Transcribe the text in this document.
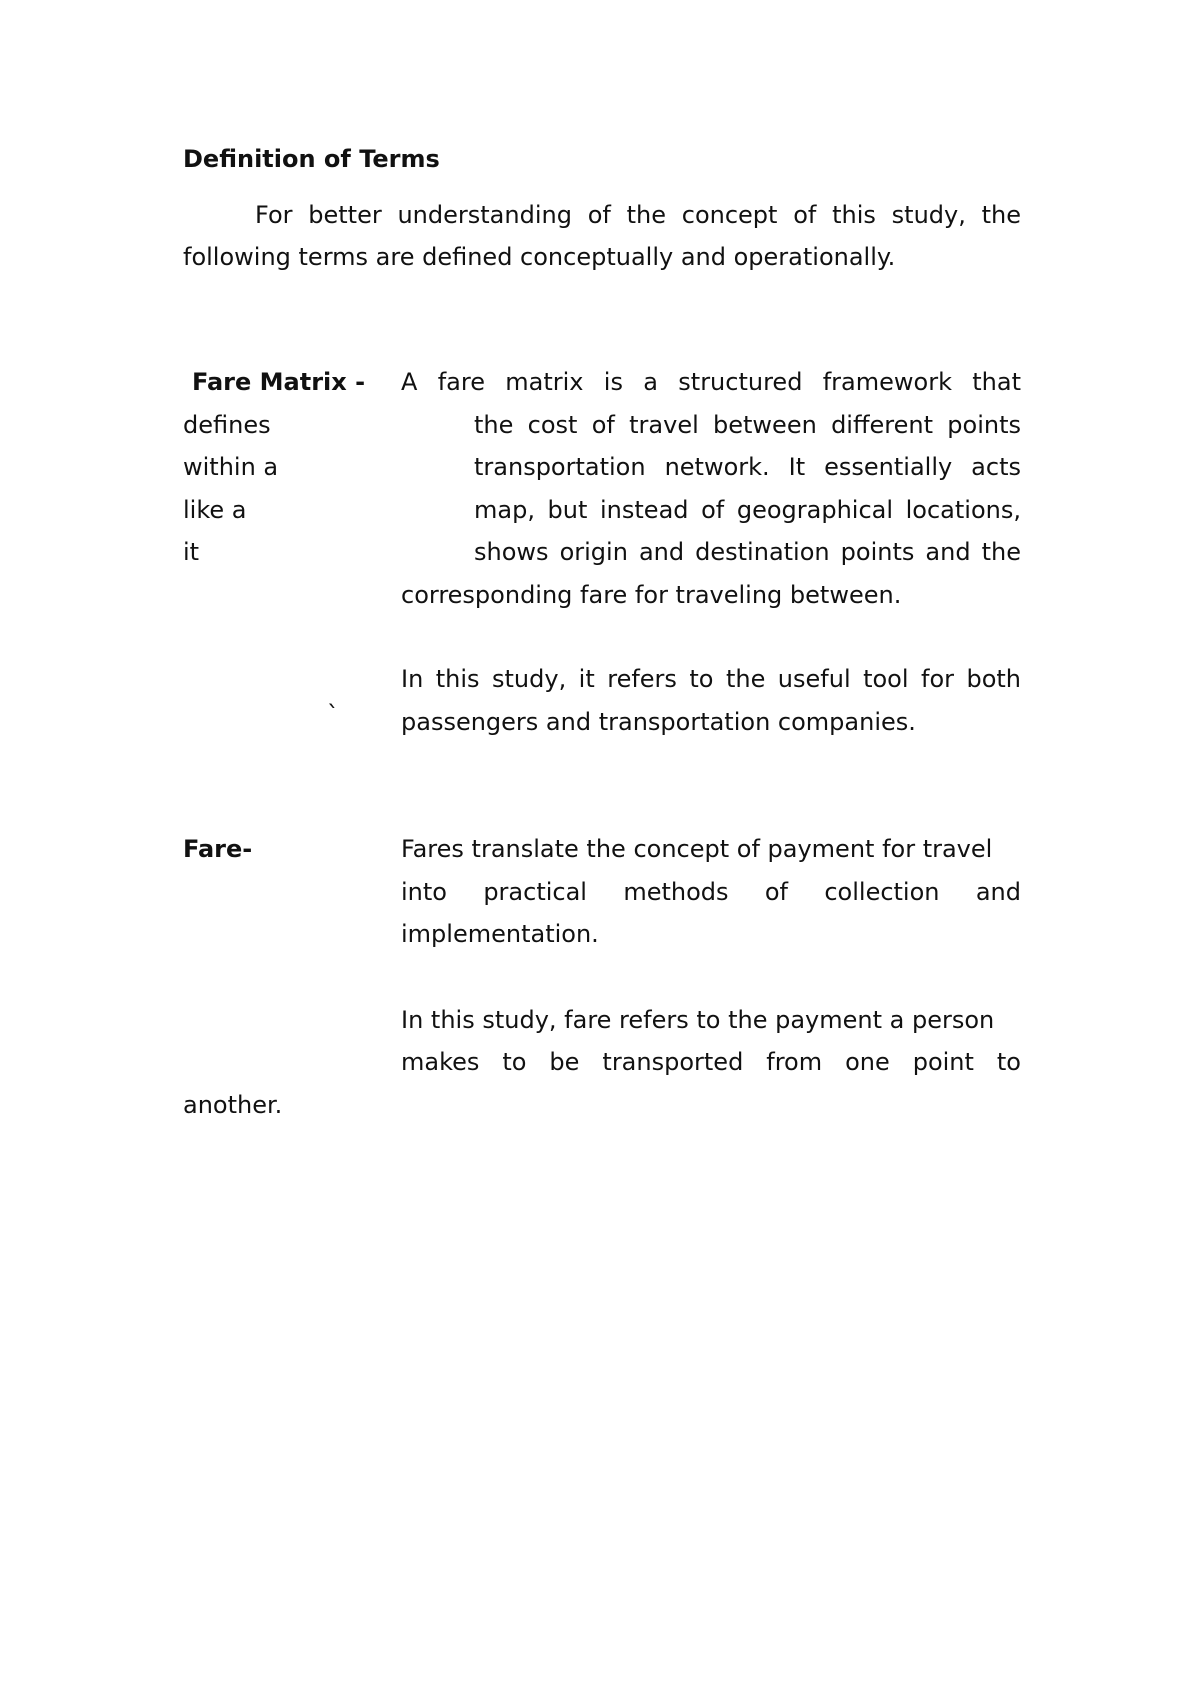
Definition of Terms
For better understanding of the concept of this study, the
following terms are defined conceptually and operationally.
Fare Matrix - A fare matrix is a structured framework that
defines	the cost of travel between different points
within a	transportation network. It essentially acts
like a	map, but instead of geographical locations,
it	shows origin and destination points and the
corresponding fare for traveling between.
In this study, it refers to the useful tool for both
`	passengers and transportation companies.
Fare-	Fares translate the concept of payment for travel
into practical methods of collection and
implementation.
In this study, fare refers to the payment a person
makes to be transported from one point to
another.
